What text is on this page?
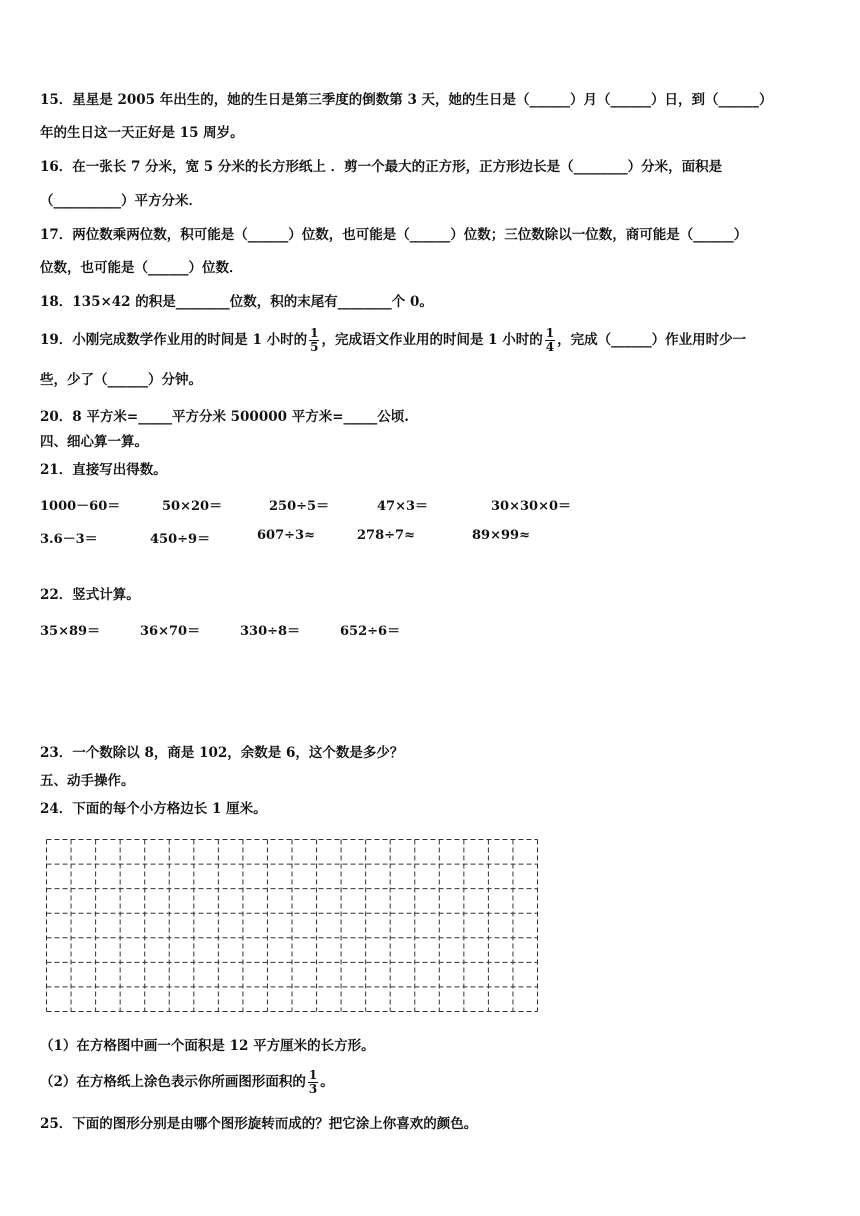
15．星星是 2005 年出生的，她的生日是第三季度的倒数第 3 天，她的生日是（______）月（______）日，到（______）
年的生日这一天正好是 15 周岁。
16．在一张长 7 分米，宽 5 分米的长方形纸上 ．剪一个最大的正方形，正方形边长是（________）分米，面积是
（__________）平方分米．
17．两位数乘两位数，积可能是（______）位数，也可能是（______）位数；三位数除以一位数，商可能是（______）
位数，也可能是（______）位数．
18．135×42 的积是________位数，积的末尾有________个 0。
19．小刚完成数学作业用的时间是 1 小时的 $\frac{1}{5}$ ，完成语文作业用的时间是 1 小时的 $\frac{1}{4}$ ，完成（______）作业用时少一
些，少了（______）分钟。
20．8 平方米=_____平方分米 500000 平方米=_____公顷.
四、细心算一算。
21．直接写出得数。
1000－60＝	50×20＝	250÷5＝	47×3＝	30×30×0＝
3.6－3＝	450÷9＝	607÷3≈	278÷7≈	89×99≈
22．竖式计算。
35×89＝	36×70＝	330÷8＝	652÷6＝
23．一个数除以 8，商是 102，余数是 6，这个数是多少？
五、动手操作。
24．下面的每个小方格边长 1 厘米。
（1）在方格图中画一个面积是 12 平方厘米的长方形。
（2）在方格纸上涂色表示你所画图形面积的 $\frac{1}{3}$ 。
25．下面的图形分别是由哪个图形旋转而成的？把它涂上你喜欢的颜色。
